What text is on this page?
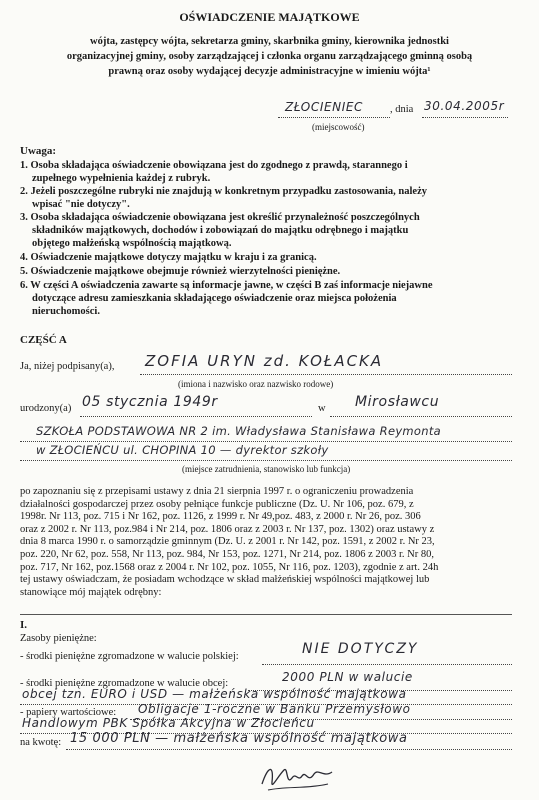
OŚWIADCZENIE MAJĄTKOWE
wójta, zastępcy wójta, sekretarza gminy, skarbnika gminy, kierownika jednostki
organizacyjnej gminy, osoby zarządzającej i członka organu zarządzającego gminną osobą
prawną oraz osoby wydającej decyzje administracyjne w imieniu wójta¹
ZŁOCIENIEC	, dnia 30.04.2005r
(miejscowość)
Uwaga:
1. Osoba składająca oświadczenie obowiązana jest do zgodnego z prawdą, starannego i
zupełnego wypełnienia każdej z rubryk.
2. Jeżeli poszczególne rubryki nie znajdują w konkretnym przypadku zastosowania, należy
wpisać "nie dotyczy".
3. Osoba składająca oświadczenie obowiązana jest określić przynależność poszczególnych
składników majątkowych, dochodów i zobowiązań do majątku odrębnego i majątku
objętego małżeńską wspólnością majątkową.
4. Oświadczenie majątkowe dotyczy majątku w kraju i za granicą.
5. Oświadczenie majątkowe obejmuje również wierzytelności pieniężne.
6. W części A oświadczenia zawarte są informacje jawne, w części B zaś informacje niejawne
dotyczące adresu zamieszkania składającego oświadczenie oraz miejsca położenia
nieruchomości.
CZĘŚĆ A
Ja, niżej podpisany(a), ZOFIA URYN zd. KOŁACKA
(imiona i nazwisko oraz nazwisko rodowe)
urodzony(a) 05 stycznia 1949r	w Mirosławcu
SZKOŁA PODSTAWOWA NR 2 im. Władysława Stanisława Reymonta
w ZŁOCIEŃCU ul. CHOPINA 10 — dyrektor szkoły
(miejsce zatrudnienia, stanowisko lub funkcja)
po zapoznaniu się z przepisami ustawy z dnia 21 sierpnia 1997 r. o ograniczeniu prowadzenia
działalności gospodarczej przez osoby pełniące funkcje publiczne (Dz. U. Nr 106, poz. 679, z
1998r. Nr 113, poz. 715 i Nr 162, poz. 1126, z 1999 r. Nr 49,poz. 483, z 2000 r. Nr 26, poz. 306
oraz z 2002 r. Nr 113, poz.984 i Nr 214, poz. 1806 oraz z 2003 r. Nr 137, poz. 1302) oraz ustawy z
dnia 8 marca 1990 r. o samorządzie gminnym (Dz. U. z 2001 r. Nr 142, poz. 1591, z 2002 r. Nr 23,
poz. 220, Nr 62, poz. 558, Nr 113, poz. 984, Nr 153, poz. 1271, Nr 214, poz. 1806 z 2003 r. Nr 80,
poz. 717, Nr 162, poz.1568 oraz z 2004 r. Nr 102, poz. 1055, Nr 116, poz. 1203), zgodnie z art. 24h
tej ustawy oświadczam, że posiadam wchodzące w skład małżeńskiej wspólności majątkowej lub
stanowiące mój majątek odrębny:
I.
Zasoby pieniężne:
- środki pieniężne zgromadzone w walucie polskiej:	NIE DOTYCZY
- środki pieniężne zgromadzone w walucie obcej:	2000 PLN w walucie
obcej tzn. EURO i USD — małżeńska wspólność majątkowa
- papiery wartościowe: Obligacje 1-roczne w Banku Przemysłowo
Handlowym PBK Spółka Akcyjna w Złocieńcu
na kwotę: 15 000 PLN — małżeńska wspólność majątkowa
